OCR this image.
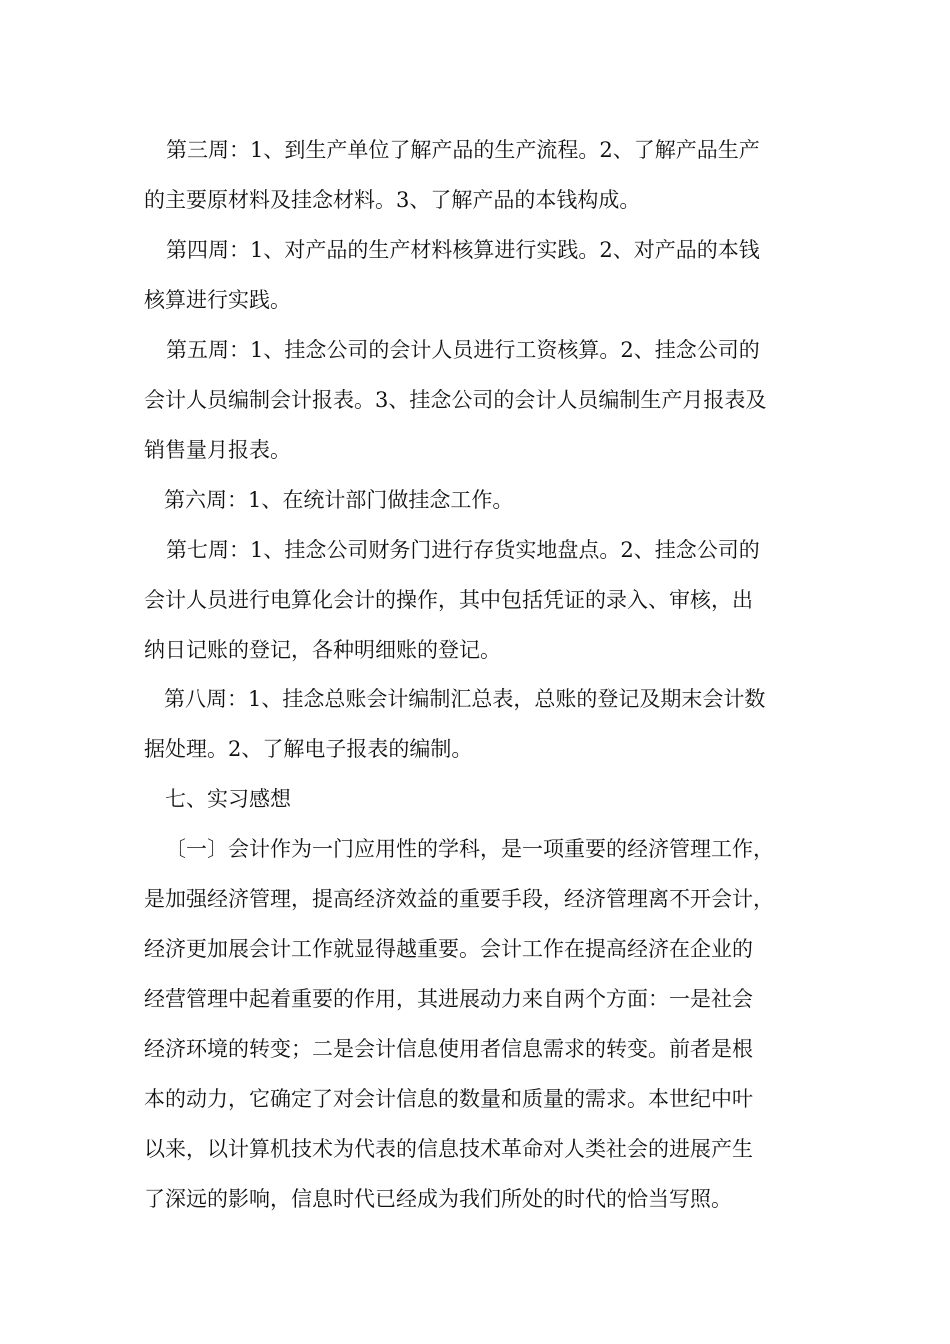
第三周：1、到生产单位了解产品的生产流程。2、了解产品生产
的主要原材料及挂念材料。3、了解产品的本钱构成。
第四周：1、对产品的生产材料核算进行实践。2、对产品的本钱
核算进行实践。
第五周：1、挂念公司的会计人员进行工资核算。2、挂念公司的
会计人员编制会计报表。3、挂念公司的会计人员编制生产月报表及
销售量月报表。
第六周：1、在统计部门做挂念工作。
第七周：1、挂念公司财务门进行存货实地盘点。2、挂念公司的
会计人员进行电算化会计的操作，其中包括凭证的录入、审核，出
纳日记账的登记，各种明细账的登记。
第八周：1、挂念总账会计编制汇总表，总账的登记及期末会计数
据处理。2、了解电子报表的编制。
七、实习感想
〔一〕会计作为一门应用性的学科，是一项重要的经济管理工作，
是加强经济管理，提高经济效益的重要手段，经济管理离不开会计，
经济更加展会计工作就显得越重要。会计工作在提高经济在企业的
经营管理中起着重要的作用，其进展动力来自两个方面：一是社会
经济环境的转变；二是会计信息使用者信息需求的转变。前者是根
本的动力，它确定了对会计信息的数量和质量的需求。本世纪中叶
以来，以计算机技术为代表的信息技术革命对人类社会的进展产生
了深远的影响，信息时代已经成为我们所处的时代的恰当写照。
